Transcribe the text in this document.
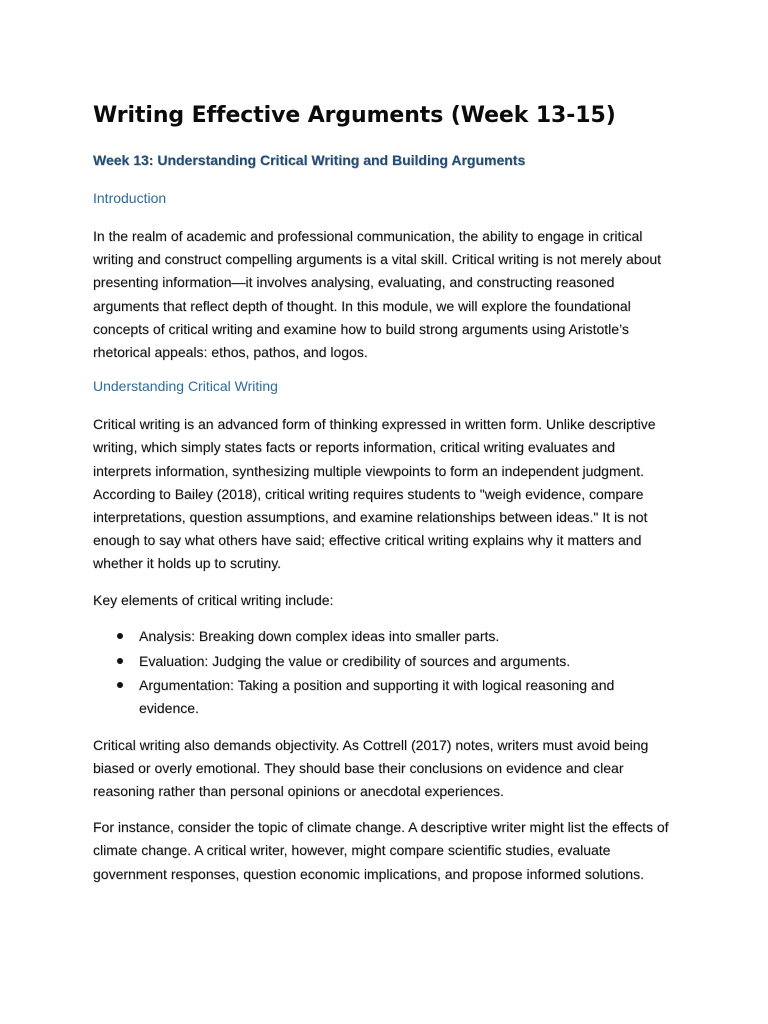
Writing Effective Arguments (Week 13-15)
Week 13: Understanding Critical Writing and Building Arguments
Introduction

In the realm of academic and professional communication, the ability to engage in critical writing and construct compelling arguments is a vital skill. Critical writing is not merely about presenting information—it involves analysing, evaluating, and constructing reasoned arguments that reflect depth of thought. In this module, we will explore the foundational concepts of critical writing and examine how to build strong arguments using Aristotle’s rhetorical appeals: ethos, pathos, and logos.

Understanding Critical Writing

Critical writing is an advanced form of thinking expressed in written form. Unlike descriptive writing, which simply states facts or reports information, critical writing evaluates and interprets information, synthesizing multiple viewpoints to form an independent judgment. According to Bailey (2018), critical writing requires students to "weigh evidence, compare interpretations, question assumptions, and examine relationships between ideas." It is not enough to say what others have said; effective critical writing explains why it matters and whether it holds up to scrutiny.

Key elements of critical writing include:

Analysis: Breaking down complex ideas into smaller parts.
Evaluation: Judging the value or credibility of sources and arguments.
Argumentation: Taking a position and supporting it with logical reasoning and evidence.

Critical writing also demands objectivity. As Cottrell (2017) notes, writers must avoid being biased or overly emotional. They should base their conclusions on evidence and clear reasoning rather than personal opinions or anecdotal experiences.

For instance, consider the topic of climate change. A descriptive writer might list the effects of climate change. A critical writer, however, might compare scientific studies, evaluate government responses, question economic implications, and propose informed solutions.
